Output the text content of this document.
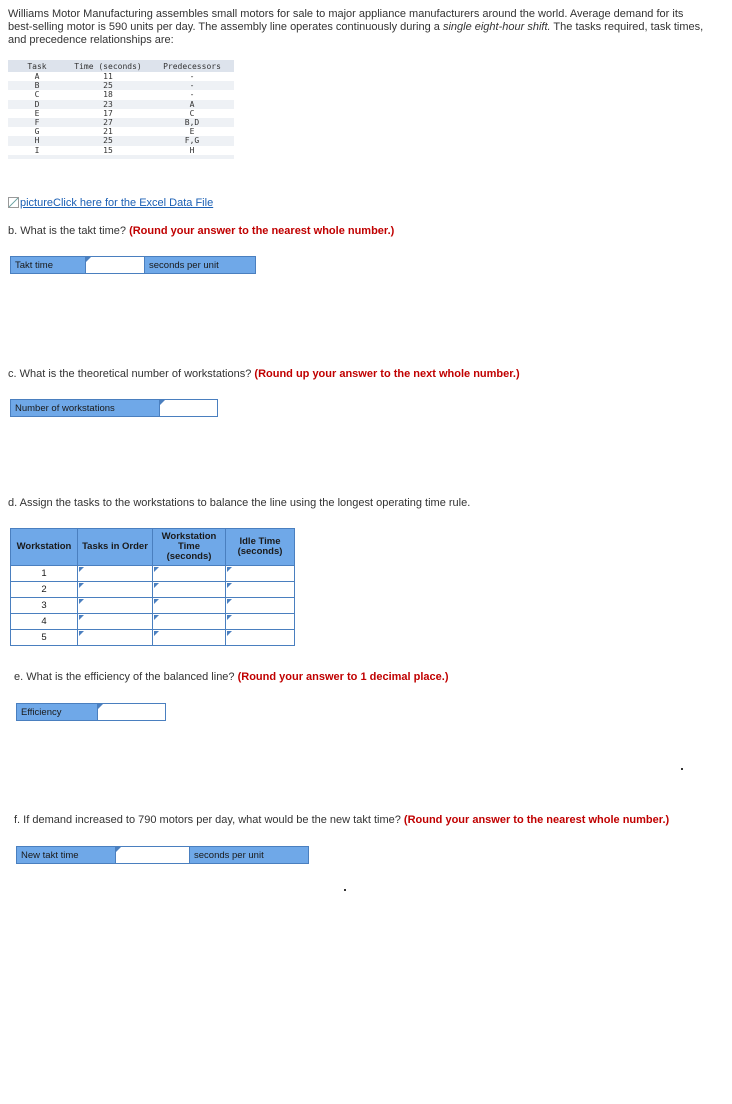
Williams Motor Manufacturing assembles small motors for sale to major appliance manufacturers around the world. Average demand for its best-selling motor is 590 units per day. The assembly line operates continuously during a single eight-hour shift. The tasks required, task times, and precedence relationships are:
Task	Time (seconds)	Predecessors
A	11	-
B	25	-
C	18	-
D	23	A
E	17	C
F	27	B,D
G	21	E
H	25	F,G
I	15	H

pictureClick here for the Excel Data File
b. What is the takt time? (Round your answer to the nearest whole number.)
Takt time	seconds per unit
c. What is the theoretical number of workstations? (Round up your answer to the next whole number.)
Number of workstations
d. Assign the tasks to the workstations to balance the line using the longest operating time rule.
Workstation	Tasks in Order	Workstation Time (seconds)	Idle Time (seconds)
1			
2			
3			
4			
5			
e. What is the efficiency of the balanced line? (Round your answer to 1 decimal place.)
Efficiency
f. If demand increased to 790 motors per day, what would be the new takt time? (Round your answer to the nearest whole number.)
New takt time	seconds per unit
